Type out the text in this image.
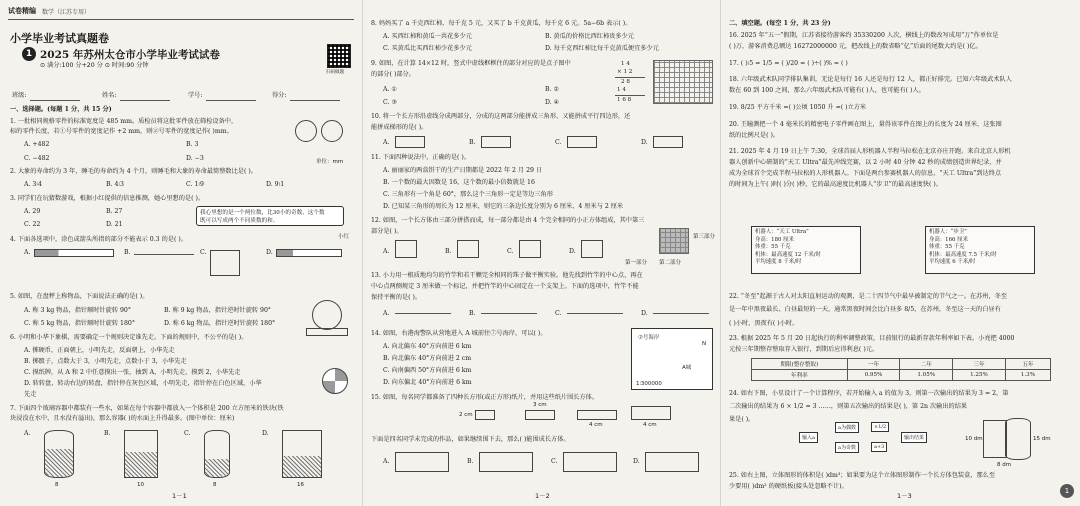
试卷精编 数学（江苏专用）
小学毕业考试真题卷
1 2025 年苏州太仓市小学毕业考试试卷
⊙ 满分:100 分+20 分 ⊙ 时间:90 分钟
扫码做题
班级:	姓名:	学号:	得分:
一、选择题。(每题 1 分，共 15 分)
1. 一批相同规格零件的标准宽度是 485 mm。质检员将这批零件放在筛检设备中，
标的零件长度，若①号零件的宽度记作 +2 mm，则②号零件的宽度记作( )mm。
单位：mm
A. +482	B. 3
C. −482	D. −3
2. 大象的寿命约为 3 年，睡毛的寿命约为 4 个月，则睡毛和大象的寿命最简整数比是( )。
A. 3∶4	B. 4∶3	C. 1∶9	D. 9∶1
3. 同学们在玩猜数游戏，根据小红提供的信息推测，她心里想的是( )。
A. 29	B. 27
C. 22	D. 21
我心里想的是一个两位数，比30小的奇数，这个数
既可以写成两个不同质数的和。
小红
4. 下面各选项中，涂色或箭头所指的部分不能表示 0.3 的是( )。
A.	B.	C.	D.
5. 如图，在盘秤上称物品，下面说法正确的是( )。
A. 称 3 kg 物品，指针顺时针旋转 90°	B. 称 9 kg 物品，指针逆时针旋转 90°
C. 称 5 kg 物品，指针顺时针旋转 180°	D. 称 6 kg 物品，指针逆时针旋转 180°
6. 小明和小华下象棋，需要确定一个规则决定谁先走。下面的规则中，不公平的是( )。
A. 掷硬币，正面朝上，小明先走，反面朝上，小华先走
B. 掷骰子，点数大于 3，小明先走，点数小于 3，小华先走
C. 摸纸牌，从 A 和 2 中任意摸出一张，抽到 A，小明先走，摸到 2，小华先走
D. 转转盘，转动右边的转盘，指针停在灰色区域，小明先走，指针停在白色区域，小华
先走
7. 下面四个玻璃容器中都装有一些水，如果在每个容器中都放入一个体积是 200 立方厘米的铁块(铁
块浸没在水中，且水没有溢出)，那么容器( )的水面上升得最多。(图中单位：厘米)
A.
8
B.
10
C.
8
D.
16
1－1
8. 妈妈买了 a 千克西红柿，每千克 5 元，又买了 b 千克黄瓜，每千克 6 元。5a−6b 表示( )。
A. 买西红柿和黄瓜一共花多少元	B. 黄瓜的价格比西红柿贵多少元
C. 买黄瓜比买西红柿少花多少元	D. 每千克西红柿比每千克黄瓜便宜多少元
9. 如图，在计算 14×12 时，竖式中虚线框框住的部分对应的是点子图中
的部分( )部分。
1 4
× 1 2
2 8
1 4
1 6 8
A. ①	B. ②
C. ③	D. ④
10. 将一个长方形沿虚线分成两部分，分成的这两部分能拼成三角形、又能拼成平行四边形，还
能拼成梯形的是( )。
A.	B.	C.	D.
11. 下面四种说法中，正确的是( )。
A. 丽丽家的两盒饼干的生产日期都是 2022 年 2 月 29 日
B. 一个数的最大因数是 16，这个数的最小倍数就是 16
C. 三角形有一个角是 60°，那么这个三角形一定是等边三角形
D. 已知某三角形的周长为 12 厘米，则它的三条边长度分别为 6 厘米、4 厘米与 2 厘米
12. 如图，一个长方体由三部分拼搭而成，每一部分都是由 4 个完全相同的小正方体组成，其中第三
部分是( )。
A.	B.	C.	D.
第一部分 第二部分
第三部分
13. 小力用一根质地均匀的竹竿和若干颗完全相同的珠子做平衡实验。他先找到竹竿的中心点，再在
中心点两侧规定 3 厘米做一个标记，并把竹竿的中心固定在一个支架上。下面的选项中，竹竿不能
保持平衡的是( )。
A.	B.	C.	D.
14. 如图，右港海警队从营地进入 A 城前往⑦号海岸，可以( )。
A. 向北偏东 40°方向前进 6 km
B. 向北偏东 40°方向前进 2 cm
C. 向南偏西 50°方向前进 6 km
D. 向东偏北 40°方向前进 6 km
⑦号海岸
A城
1∶300000
N
15. 如图，每名同学都准备了四种长方形(或正方形)纸片，并用这些纸片围长方体。
2 cm
3 cm
4 cm	4 cm
下面是四名同学未完成的作品，如果继续围下去，那么( )能围成长方体。
A.	B.	C.	D.
1－2
二、填空题。(每空 1 分，共 23 分)
16. 2025 年“五一”假期，江苏省接待游客约 35330200 人次，横线上的数改写成用“万”作单位是
( )万，游客消费总额达 16272000000 元，把改线上的数省略“亿”后面的尾数大约是( )亿。
17. ( )∶5 = 1/5 = ( )/20 = ( )÷( )% = ( )
18. 六年级武术队同学排队集训，无论是每行 16 人还是每行 12 人，都正好排完。已知六年级武术队人
数在 60 到 100 之间，那么六年级武术队可能有( )人，也可能有( )人。
19. 8/25 平方千米 =( )公顷 1050 升 =( )立方米
20. 王瞳测把一个 4 毫米长的精密电子零件画在图上，量得该零件在图上的长度为 24 厘米，这张图
纸的比例尺是( )。
21. 2025 年 4 月 19 日上午 7:30，全球首届人形机器人半程马拉松在北京亦庄开跑。来自北京人形机
器人创新中心研制的“天工 Ultra”最先冲线完赛，以 2 小时 40 分钟 42 秒的成绩创造世界纪录，并
成为全球首个完成半程马拉松的人形机器人。下面是两台参赛机器人的信息，“天工 Ultra”到达终点
的时间为上午( )时( )分( )秒，它的最高速度比机器人“步卫”的最高速度快( )。
机器人：“天工 Ultra”
身高：180 厘米
体重：55 千克
机体：最高速度 12 千米/时
平均速度 8 千米/时
机器人：“步卫”
身高：166 厘米
体重：55 千克
机体：最高速度 7.5 千米/时
平均速度 6 千米/时
22. “冬至”起源于古人对太阳直射运动的观测，是二十四节气中最早被制定的节气之一。在苏州，冬至
是一年中黑夜最长、白昼最短的一天，通常黑夜时间会比白昼多 8/5，在苏州，冬至这一天的白昼有
( )小时，黑夜有( )小时。
23. 根据 2025 年 5 月 20 日起执行的利率调整政策，目前银行的最新存款年利率如下表。小亮把 4000
元按三年期整存整取存入银行，到期后应得利息( )元。
期限(整存整取)	一年	二年	三年	五年
年利率	0.95%	1.05%	1.25%	1.3%
24. 如右下图，小星设计了一个计算程序，若开始输入 a 的值为 3，则第一次输出的结果为 3 = 2，第
二次输出的结果为 6 × 1/2 = 3 ……，则第五次输出的结果是( )，第 2n 次输出的结果
果是( )。
输入a
a为偶数	×1/2
a为奇数	a+3
输出结果	10 dm	15 dm
8 dm
25. 如右上图，立体图形的体积是( )dm³；如果要为这个立体图形制作一个长方体包装盒，那么至
少要用( )dm² 的硬纸板(接头处忽略不计)。
1－3
1
